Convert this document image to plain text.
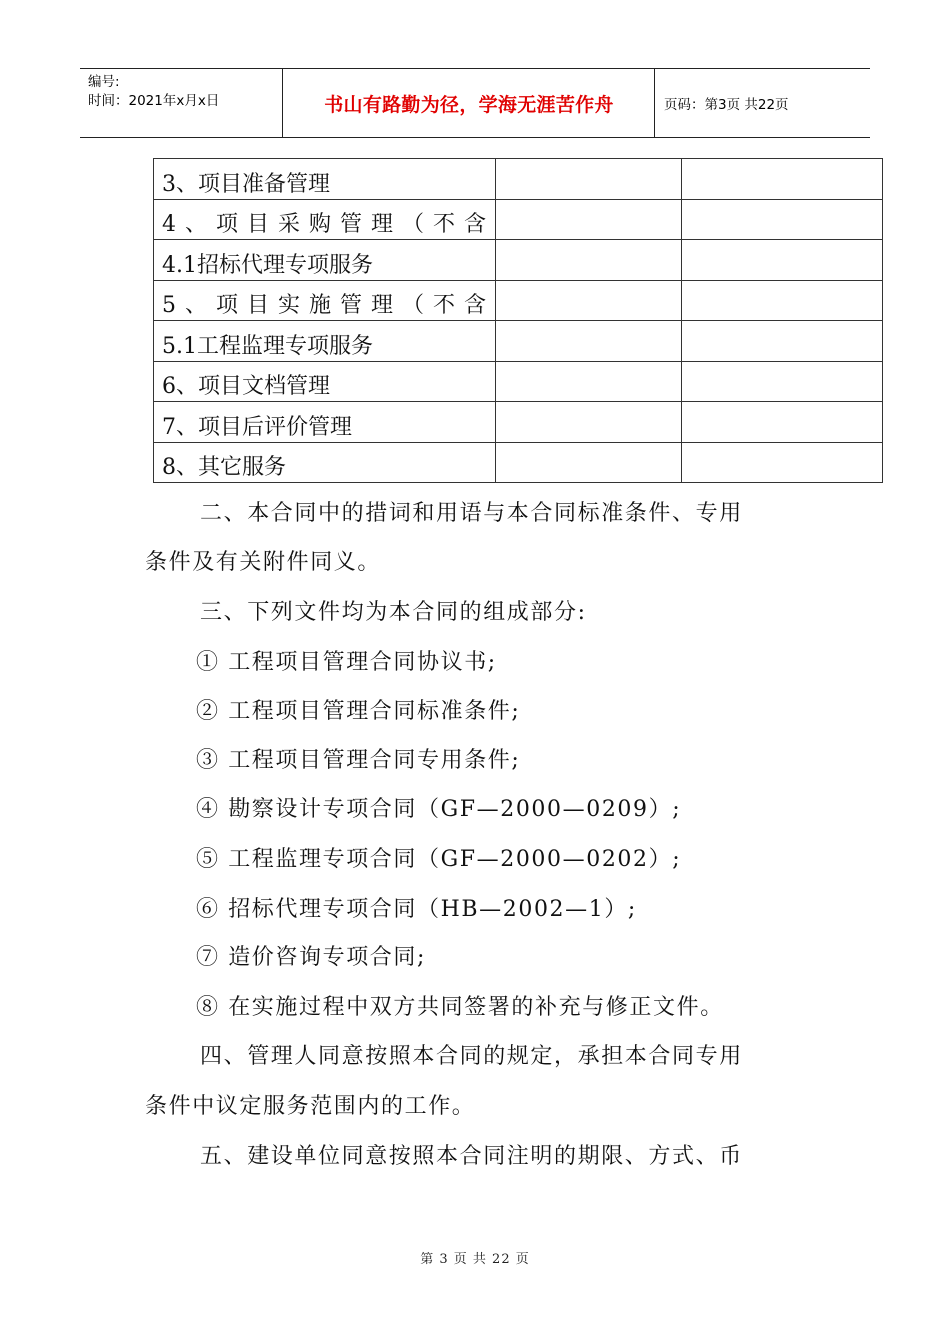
编号:
时间：2021年x月x日	书山有路勤为径，学海无涯苦作舟	页码：第3页 共22页
3、项目准备管理		
4、项目采购管理（不含		
4.1招标代理专项服务		
5、项目实施管理（不含		
5.1工程监理专项服务		
6、项目文档管理		
7、项目后评价管理		
8、其它服务		
二、本合同中的措词和用语与本合同标准条件、专用
条件及有关附件同义。
三、下列文件均为本合同的组成部分:
① 工程项目管理合同协议书;
② 工程项目管理合同标准条件;
③ 工程项目管理合同专用条件;
④ 勘察设计专项合同（GF—2000—0209）;
⑤ 工程监理专项合同（GF—2000—0202）;
⑥ 招标代理专项合同（HB—2002—1）;
⑦ 造价咨询专项合同;
⑧ 在实施过程中双方共同签署的补充与修正文件。
四、管理人同意按照本合同的规定，承担本合同专用
条件中议定服务范围内的工作。
五、建设单位同意按照本合同注明的期限、方式、币
第 3 页 共 22 页
